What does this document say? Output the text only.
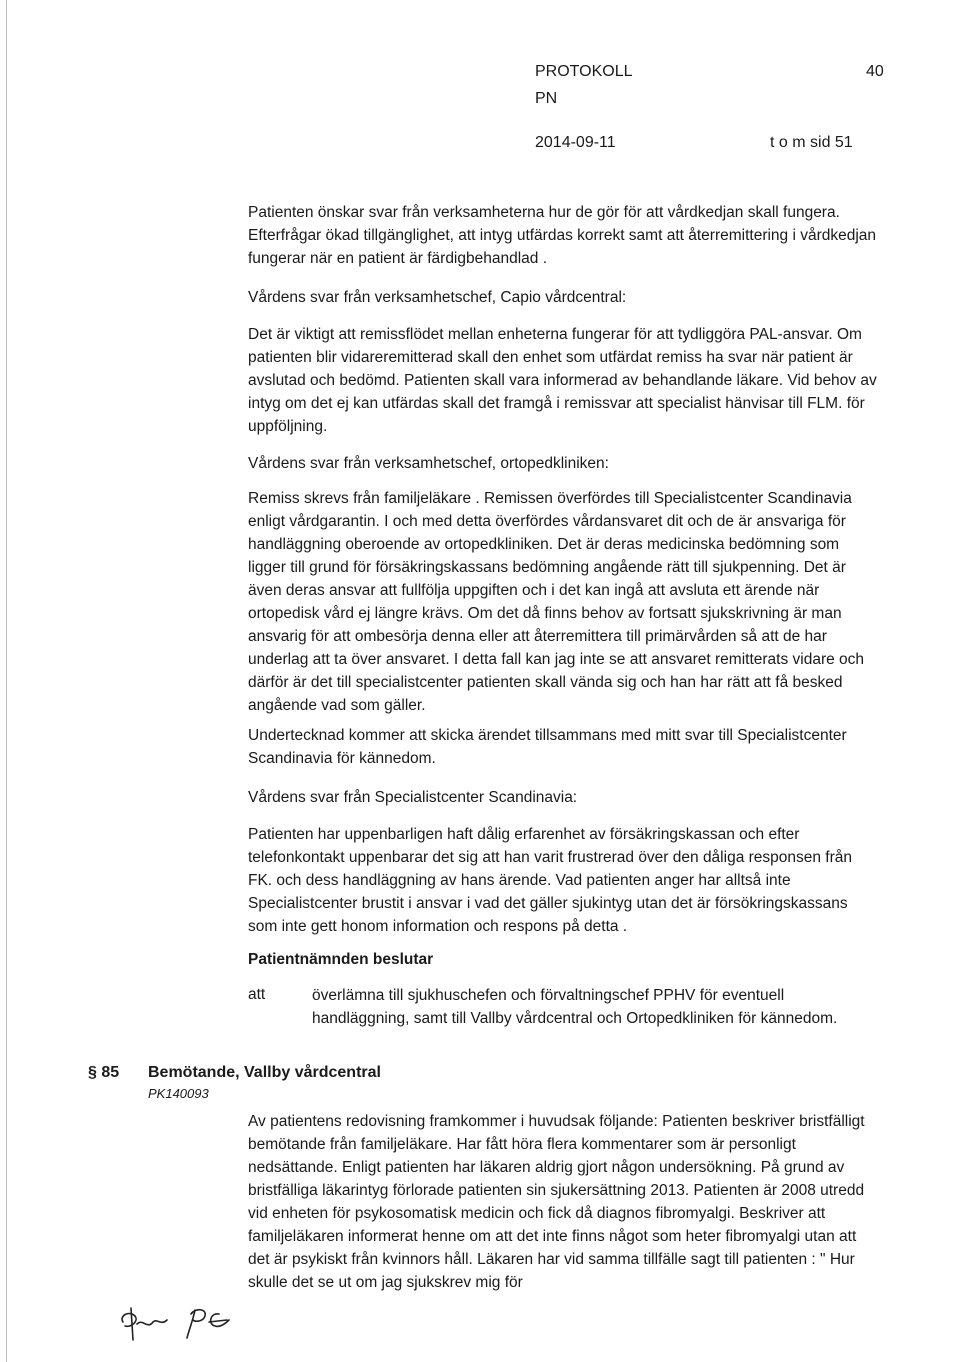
PROTOKOLL	40
PN
2014-09-11	t o m sid 51

Patienten önskar svar från verksamheterna hur de gör för att vårdkedjan skall fungera. Efterfrågar ökad tillgänglighet, att intyg utfärdas korrekt samt att återremittering i vårdkedjan fungerar när en patient är färdigbehandlad .

Vårdens svar från verksamhetschef, Capio vårdcentral:

Det är viktigt att remissflödet mellan enheterna fungerar för att tydliggöra PAL-ansvar. Om patienten blir vidareremitterad skall den enhet som utfärdat remiss ha svar när patient är avslutad och bedömd. Patienten skall vara informerad av behandlande läkare. Vid behov av intyg om det ej kan utfärdas skall det framgå i remissvar att specialist hänvisar till FLM. för uppföljning.

Vårdens svar från verksamhetschef, ortopedkliniken:

Remiss skrevs från familjeläkare . Remissen överfördes till Specialistcenter Scandinavia enligt vårdgarantin. I och med detta överfördes vårdansvaret dit och de är ansvariga för handläggning oberoende av ortopedkliniken. Det är deras medicinska bedömning som ligger till grund för försäkringskassans bedömning angående rätt till sjukpenning. Det är även deras ansvar att fullfölja uppgiften och i det kan ingå att avsluta ett ärende när ortopedisk vård ej längre krävs. Om det då finns behov av fortsatt sjukskrivning är man ansvarig för att ombesörja denna eller att återremittera till primärvården så att de har underlag att ta över ansvaret. I detta fall kan jag inte se att ansvaret remitterats vidare och därför är det till specialistcenter patienten skall vända sig och han har rätt att få besked angående vad som gäller.

Undertecknad kommer att skicka ärendet tillsammans med mitt svar till Specialistcenter Scandinavia för kännedom.

Vårdens svar från Specialistcenter Scandinavia:

Patienten har uppenbarligen haft dålig erfarenhet av försäkringskassan och efter telefonkontakt uppenbarar det sig att han varit frustrerad över den dåliga responsen från FK. och dess handläggning av hans ärende. Vad patienten anger har alltså inte Specialistcenter brustit i ansvar i vad det gäller sjukintyg utan det är försökringskassans som inte gett honom information och respons på detta .

Patientnämnden beslutar
att	överlämna till sjukhuschefen och förvaltningschef PPHV för eventuell handläggning, samt till Vallby vårdcentral och Ortopedkliniken för kännedom.
§ 85 Bemötande, Vallby vårdcentral
PK140093

Av patientens redovisning framkommer i huvudsak följande: Patienten beskriver bristfälligt bemötande från familjeläkare. Har fått höra flera kommentarer som är personligt nedsättande. Enligt patienten har läkaren aldrig gjort någon undersökning. På grund av bristfälliga läkarintyg förlorade patienten sin sjukersättning 2013. Patienten är 2008 utredd vid enheten för psykosomatisk medicin och fick då diagnos fibromyalgi. Beskriver att familjeläkaren informerat henne om att det inte finns något som heter fibromyalgi utan att det är psykiskt från kvinnors håll. Läkaren har vid samma tillfälle sagt till patienten : " Hur skulle det se ut om jag sjukskrev mig för
